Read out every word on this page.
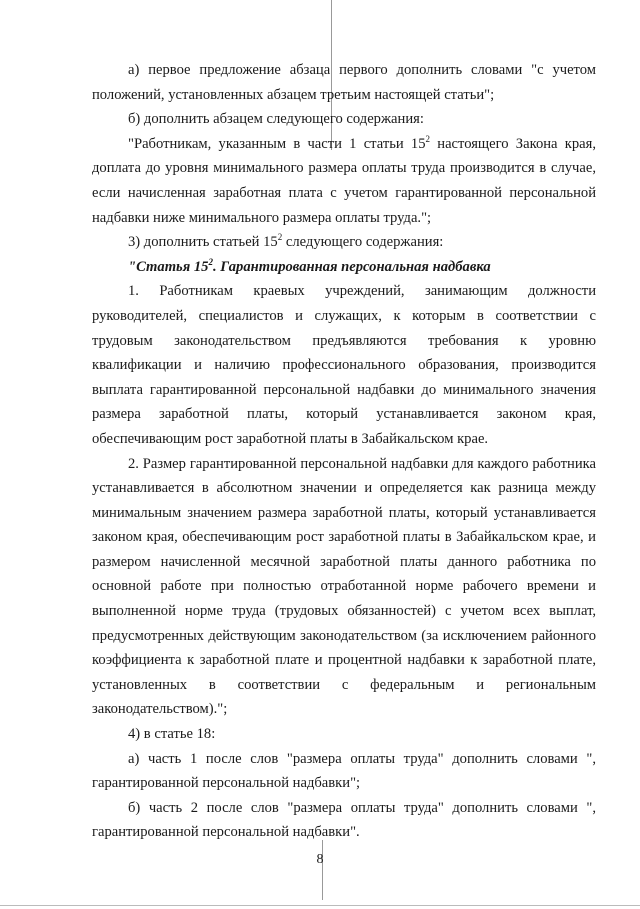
а) первое предложение абзаца первого дополнить словами "с учетом положений, установленных абзацем третьим настоящей статьи";

б) дополнить абзацем следующего содержания:

"Работникам, указанным в части 1 статьи $15^2$ настоящего Закона края, доплата до уровня минимального размера оплаты труда производится в случае, если начисленная заработная плата с учетом гарантированной персональной надбавки ниже минимального размера оплаты труда.";

3) дополнить статьей $15^2$ следующего содержания:

"Статья $15^2$. Гарантированная персональная надбавка

1. Работникам краевых учреждений, занимающим должности руководителей, специалистов и служащих, к которым в соответствии с трудовым законодательством предъявляются требования к уровню квалификации и наличию профессионального образования, производится выплата гарантированной персональной надбавки до минимального значения размера заработной платы, который устанавливается законом края, обеспечивающим рост заработной платы в Забайкальском крае.

2. Размер гарантированной персональной надбавки для каждого работника устанавливается в абсолютном значении и определяется как разница между минимальным значением размера заработной платы, который устанавливается законом края, обеспечивающим рост заработной платы в Забайкальском крае, и размером начисленной месячной заработной платы данного работника по основной работе при полностью отработанной норме рабочего времени и выполненной норме труда (трудовых обязанностей) с учетом всех выплат, предусмотренных действующим законодательством (за исключением районного коэффициента к заработной плате и процентной надбавки к заработной плате, установленных в соответствии с федеральным и региональным законодательством).";

4) в статье 18:

а) часть 1 после слов "размера оплаты труда" дополнить словами ", гарантированной персональной надбавки";

б) часть 2 после слов "размера оплаты труда" дополнить словами ", гарантированной персональной надбавки".

8
